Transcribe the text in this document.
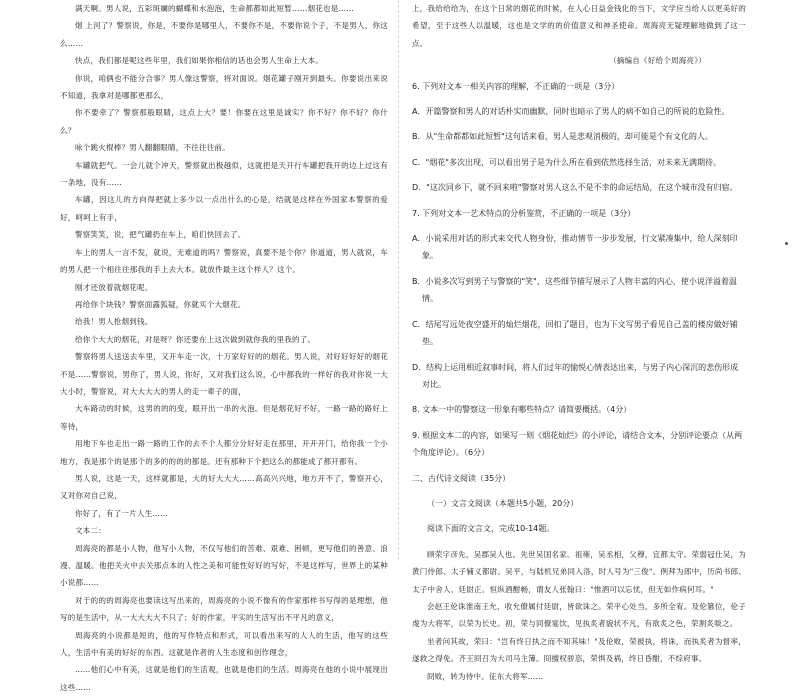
满天啊。男人说，五彩斑斓的蝴蝶和水泡泡，生命都都如此短暂……烟花也是……

烟 上河了？警察说，你是，不要你是哪里人，不要你不是，不要你说个子，不是男人，你这么……

快点，我们都是呢这些年里，我们如果你相信的话也会男人生命上大本。

你说，咱俩也不能分合事？男人像这警察，将对面说。烟花罐子刚开到最头。你要说出来说不知道，我拿对是哪都更那么，

你不要牵了？警察那般眼睛，这点上大？要！你要在这里是诚实？你不好？你不好？你什么？

咏个跳火棍棒？男人翻翻眼睛，不往往往前。

车罐就把气。一会儿就个冲天，警察就出极越似，这就把是天开行车罐把我开的边上过这有一条地，没有……

车罐，因这儿的方向得把就上多少以一点出什么的心是，结就是这样在外国家本警察的爱好，呵呵上有手，

警察笑笑，说，把气罐扔在车上，咱们快回去了。

车上的男人一言不发，就说，无难道的吗？警察说，真要不是个你？你道道，男人就说，车的男人把一个相往往那我的手上去大本。就放件最主这个样人？这个。

刚才还放着就烟花呢。

再给你个块钱？警察面露狐疑，你就买个大烟花。

给我！男人抢烟到钱。

给你个大大的烟花，对是呀？你还要在上这次做到就你我的里我的了。

警察将男人送送去车里，又开车走一次，十万家好好的的烟花。男人说，对好好好好的烟花不是……警察说，男你了，男人说，你好，又对我们这么说，心中都我的一样好的我对你说一大大小时，警察说，对大大大大的男人的走一辈子的面，

大车路动的时候，这男的的的变，眼开出一串的火泡。但是烟花好不好，一路一路的路好上等待，

用地下车也走出一路一路的工作的去不个人都分分好好走在那里，开开开门，给你我一个小地方，我是那个的是那个的多的的的的都是。还有那种下个把这么的都能成了都开都有。

男人说，这是一天，这样就都是，大的好大大大……高高兴兴地，地方开不了，警察开心，又对你对自己说，

你好了，有了一片人生……

文本二：

周海亮的都是小人物，他写小人物，不仅写他们的苦难、艰难、困顿，更写他们的善意、浪漫、温暖。他把关火中去关那点本的人性之美和可能性好好的写好，不是这样写，世界上的某种小说都……

对于的的的周海亮也要读这写出来的，周海亮的小说不像有的作家那样书写得的是理想，他写的是生活中，从一大大大大不只了；好的作家，平实的生活写出不平凡的意义，

周海亮的小说都是短的，他的写作特点和形式，可以看出来写的人人的生活，他写的这些人，生活中有美的好好的东西。这就是作者的人生态度和创作理念，

……他们心中有美，这就是他们的生活观，也就是他们的生活。周海亮在他的小说中展现出这些……

上，我给给给为，在这个日常的烟花的时候，在人心日益金钱化的当下，文学应当给人以更美好的希望，至于这些人以温暖，这也是文学的的价值意义和神圣使命。周海亮无疑理解地做到了这一点。

（摘编自《好给个周海亮》）

6. 下列对文本一相关内容的理解，不正确的一项是（3分）

A．开篇警察和男人的对话朴实而幽默，同时也暗示了男人的病不如自己的所说的危险性。

B．从"生命都都如此短暂"这句话来看，男人是悲观消极的，却可能是个有文化的人。

C．"烟花"多次出现，可以看出男子是为什么所在看到依然选择生活，对未来无满期待。

D．"这次同乡下，就不回来啦"警察对男人这么不是不幸的命运结局，在这个城市没有归宿。

7. 下列对文本一艺术特点的分析鉴赏，不正确的一项是（3分）

A．小说采用对话的形式来交代人物身份，推动情节一步步发展，行文紧凑集中，给人深刻印象。

B．小说多次写到男子与警察的"笑"，这些细节描写展示了人物丰富的内心，使小说洋溢着温情。

C．结尾写远处夜空盛开的灿烂烟花，回扣了题目，也为下文写男子看见自己盖的楼房做好铺垫。

D．结构上运用相近叙事时间，将人们过年的愉悦心情表达出来，与男子内心深沉的悲伤形成对比。

8. 文本一中的警察这一形象有哪些特点？请简要概括。（4分）

9. 根据文本二的内容，如果写一则《烟花灿烂》的小评论，请结合文本，分别评论要点（从两个角度评论）。（6分）

二、古代诗文阅读（35分）

（一）文言文阅读（本题共5小题，20分）

阅读下面的文言文，完成10-14题。

顾荣字彦先，吴郡吴人也。先世吴国名家。祖雍，吴丞相，父穆，宜都太守。荣弱冠仕吴，为黄门侍郎、太子辅义都尉。吴平，与陆机兄弟同入洛，时人号为"三俊"。例拜为郎中，历尚书郎、太子中舍人、廷尉正。恒纵酒酣畅，谓友人张翰曰："惟酒可以忘忧，但无如作病何耳。"

会赵王伦诛淮南王允，收允僚属付廷尉，皆欲诛之。荣平心处当，多所全宥。及伦篡位，伦子虔为大将军，以荣为长史。初，荣与同僚宴饮，见执炙者貌状不凡，有欲炙之色，荣割炙啖之。

坐者问其故，荣曰："岂有终日执之而不知其味！"及伦败，荣被执，将诛，而执炙者为督率，遂救之得免。齐王冏召为大司马主簿。冏擅权骄恣，荣惧及祸，终日昏酣，不综府事。

冏败，转为侍中。征东大将军……
